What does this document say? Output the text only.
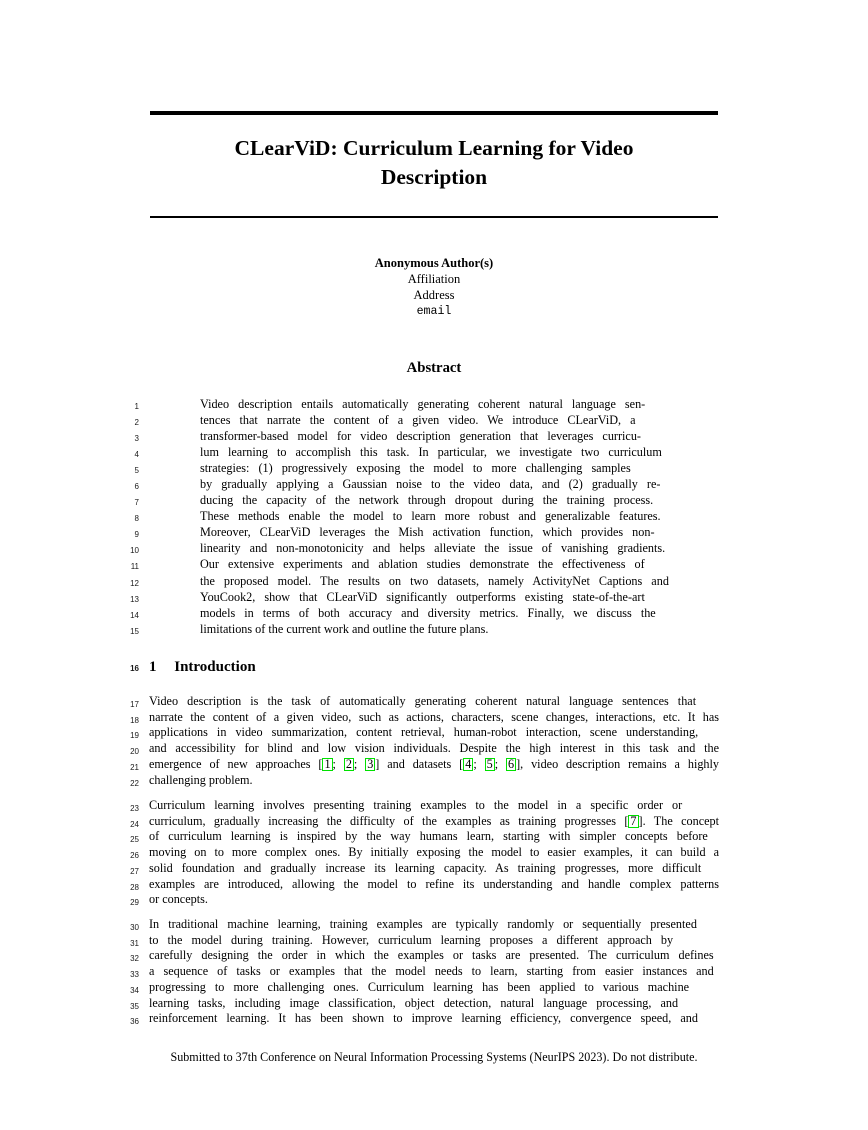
CLearViD: Curriculum Learning for Video Description
Anonymous Author(s)
Affiliation
Address
email
Abstract
1	Video description entails automatically generating coherent natural language sen-
2	tences that narrate the content of a given video. We introduce CLearViD, a
3	transformer-based model for video description generation that leverages curricu-
4	lum learning to accomplish this task. In particular, we investigate two curriculum
5	strategies: (1) progressively exposing the model to more challenging samples
6	by gradually applying a Gaussian noise to the video data, and (2) gradually re-
7	ducing the capacity of the network through dropout during the training process.
8	These methods enable the model to learn more robust and generalizable features.
9	Moreover, CLearViD leverages the Mish activation function, which provides non-
10	linearity and non-monotonicity and helps alleviate the issue of vanishing gradients.
11	Our extensive experiments and ablation studies demonstrate the effectiveness of
12	the proposed model. The results on two datasets, namely ActivityNet Captions and
13	YouCook2, show that CLearViD significantly outperforms existing state-of-the-art
14	models in terms of both accuracy and diversity metrics. Finally, we discuss the
15	limitations of the current work and outline the future plans.
16 1 Introduction
17 Video description is the task of automatically generating coherent natural language sentences that
18 narrate the content of a given video, such as actions, characters, scene changes, interactions, etc. It has
19 applications in video summarization, content retrieval, human-robot interaction, scene understanding,
20 and accessibility for blind and low vision individuals. Despite the high interest in this task and the
21 emergence of new approaches [ 1 ; 2 ; 3 ] and datasets [ 4 ; 5 ; 6 ], video description remains a highly
22 challenging problem.
23 Curriculum learning involves presenting training examples to the model in a specific order or
24 curriculum, gradually increasing the difficulty of the examples as training progresses [ 7 ]. The concept
25 of curriculum learning is inspired by the way humans learn, starting with simpler concepts before
26 moving on to more complex ones. By initially exposing the model to easier examples, it can build a
27 solid foundation and gradually increase its learning capacity. As training progresses, more difficult
28 examples are introduced, allowing the model to refine its understanding and handle complex patterns
29 or concepts.
30 In traditional machine learning, training examples are typically randomly or sequentially presented
31 to the model during training. However, curriculum learning proposes a different approach by
32 carefully designing the order in which the examples or tasks are presented. The curriculum defines
33 a sequence of tasks or examples that the model needs to learn, starting from easier instances and
34 progressing to more challenging ones. Curriculum learning has been applied to various machine
35 learning tasks, including image classification, object detection, natural language processing, and
36 reinforcement learning. It has been shown to improve learning efficiency, convergence speed, and
Submitted to 37th Conference on Neural Information Processing Systems (NeurIPS 2023). Do not distribute.
